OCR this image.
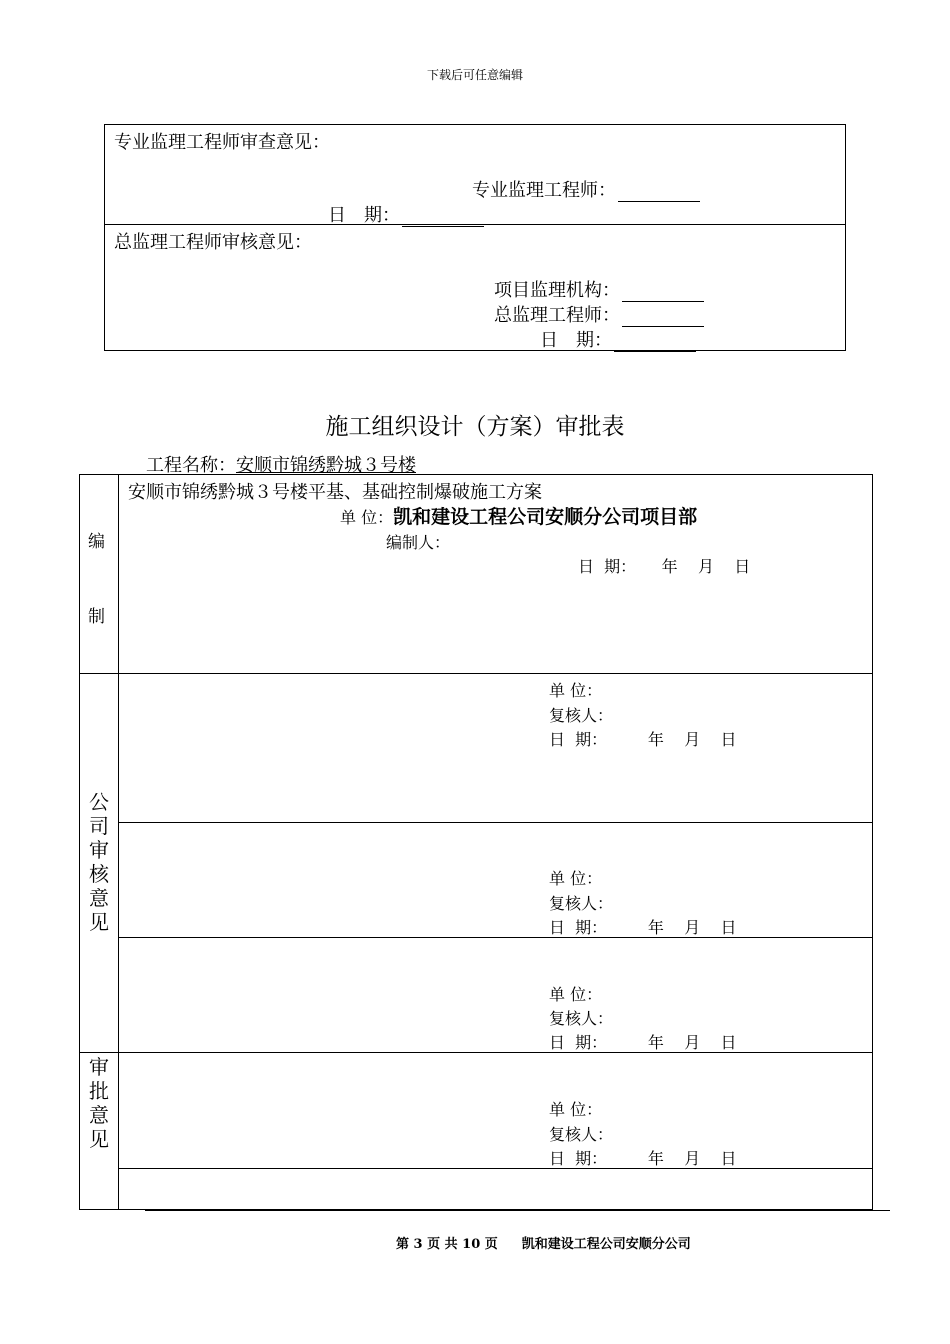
下载后可任意编辑
专业监理工程师审查意见：
专业监理工程师：
日　期：
总监理工程师审核意见：
项目监理机构：
总监理工程师：
日　期：
施工组织设计（方案）审批表
工程名称：安顺市锦绣黔城３号楼
编
制
安顺市锦绣黔城３号楼平基、基础控制爆破施工方案
单 位：凯和建设工程公司安顺分公司项目部
编制人：
日  期：     年    月    日
公司审核意见
审批意见
单 位：
复核人：
日  期：        年    月    日
单 位：
复核人：
日  期：        年    月    日
单 位：
复核人：
日  期：        年    月    日
单 位：
复核人：
日  期：        年    月    日
第 3 页 共 10 页 凯和建设工程公司安顺分公司
